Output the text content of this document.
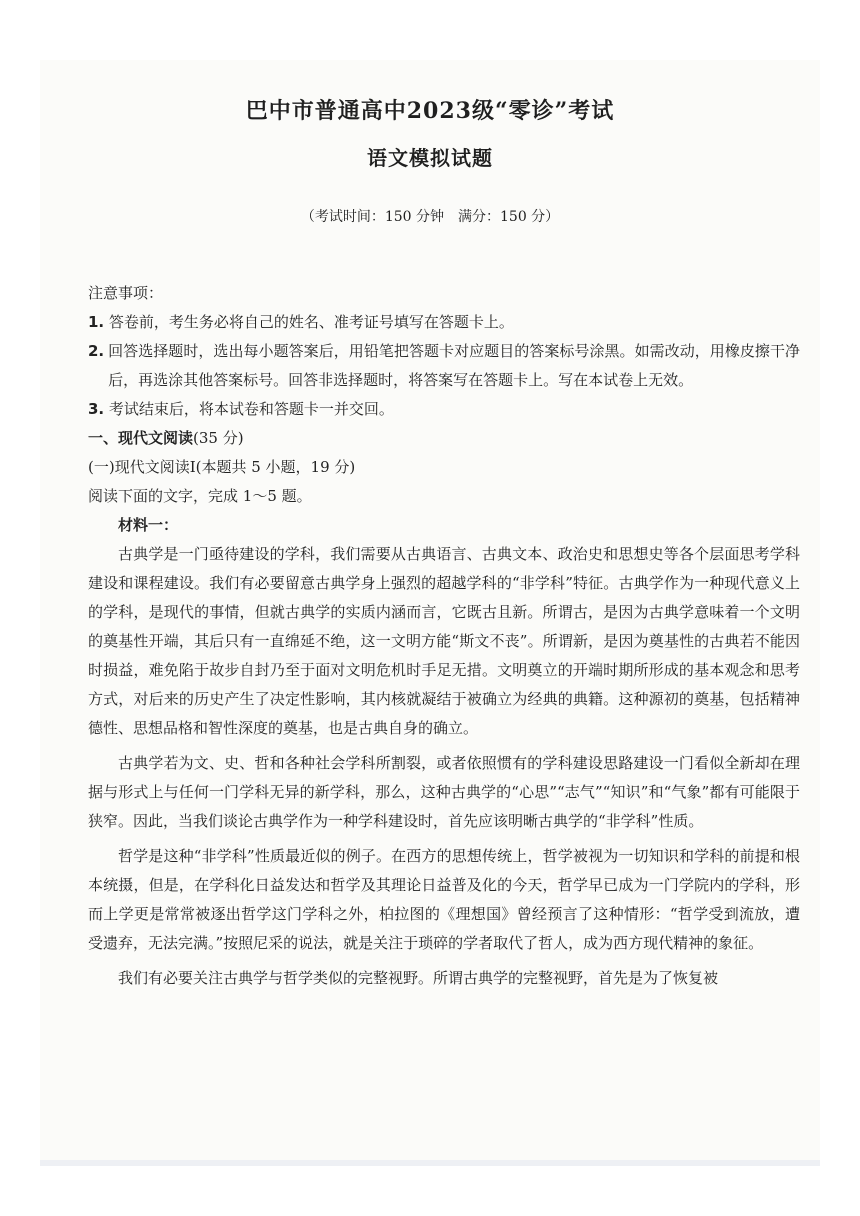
巴中市普通高中2023级“零诊”考试
语文模拟试题
（考试时间：150 分钟　满分：150 分）

注意事项：

1. 答卷前，考生务必将自己的姓名、准考证号填写在答题卡上。

2. 回答选择题时，选出每小题答案后，用铅笔把答题卡对应题目的答案标号涂黑。如需改动，用橡皮擦干净后，再选涂其他答案标号。回答非选择题时，将答案写在答题卡上。写在本试卷上无效。

3. 考试结束后，将本试卷和答题卡一并交回。

一、现代文阅读(35 分)

(一)现代文阅读Ⅰ(本题共 5 小题，19 分)

阅读下面的文字，完成 1～5 题。

材料一：

古典学是一门亟待建设的学科，我们需要从古典语言、古典文本、政治史和思想史等各个层面思考学科建设和课程建设。我们有必要留意古典学身上强烈的超越学科的“非学科”特征。古典学作为一种现代意义上的学科，是现代的事情，但就古典学的实质内涵而言，它既古且新。所谓古，是因为古典学意味着一个文明的奠基性开端，其后只有一直绵延不绝，这一文明方能“斯文不丧”。所谓新，是因为奠基性的古典若不能因时损益，难免陷于故步自封乃至于面对文明危机时手足无措。文明奠立的开端时期所形成的基本观念和思考方式，对后来的历史产生了决定性影响，其内核就凝结于被确立为经典的典籍。这种源初的奠基，包括精神德性、思想品格和智性深度的奠基，也是古典自身的确立。

古典学若为文、史、哲和各种社会学科所割裂，或者依照惯有的学科建设思路建设一门看似全新却在理据与形式上与任何一门学科无异的新学科，那么，这种古典学的“心思”“志气”“知识”和“气象”都有可能限于狭窄。因此，当我们谈论古典学作为一种学科建设时，首先应该明晰古典学的“非学科”性质。

哲学是这种“非学科”性质最近似的例子。在西方的思想传统上，哲学被视为一切知识和学科的前提和根本统摄，但是，在学科化日益发达和哲学及其理论日益普及化的今天，哲学早已成为一门学院内的学科，形而上学更是常常被逐出哲学这门学科之外，柏拉图的《理想国》曾经预言了这种情形：“哲学受到流放，遭受遗弃，无法完满。”按照尼采的说法，就是关注于琐碎的学者取代了哲人，成为西方现代精神的象征。

我们有必要关注古典学与哲学类似的完整视野。所谓古典学的完整视野，首先是为了恢复被
